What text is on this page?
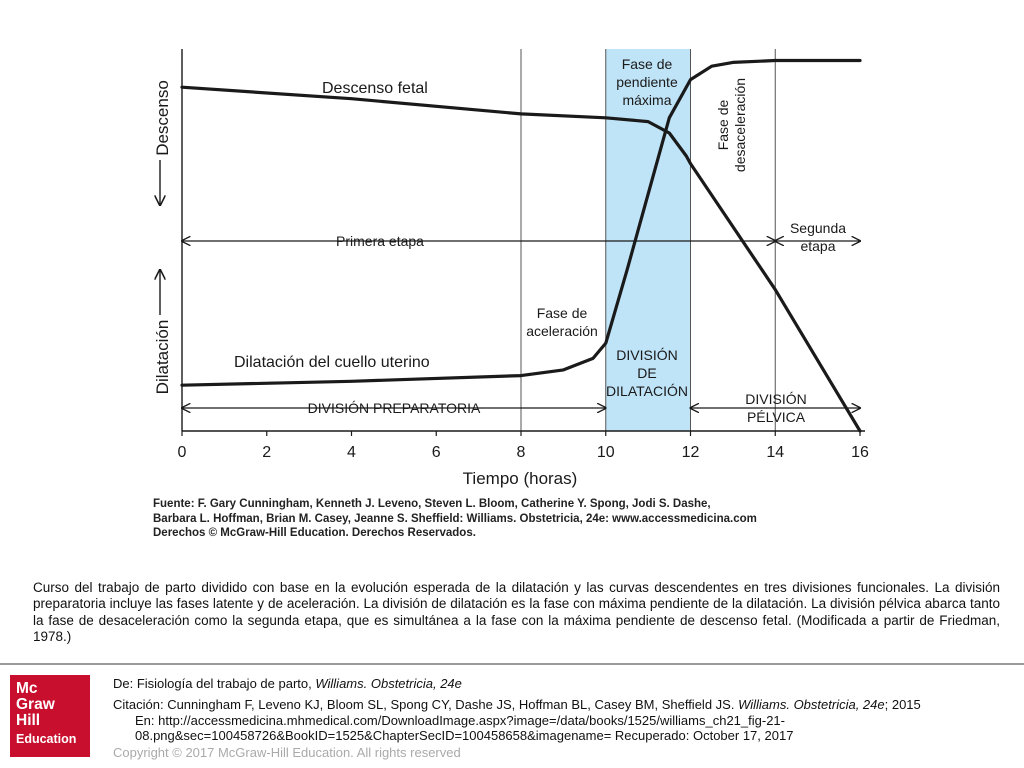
0	2	4	6	8	10	12	14	16
Tiempo (horas)
Descenso
Dilatación
Descenso fetal
Dilatación del cuello uterino
Fase de
pendiente
máxima	Fase de desaceleración
Fase de
aceleración
Primera etapa
Segunda
etapa
DIVISIÓN PREPARATORIA
DIVISIÓN
DE
DILATACIÓN	DIVISIÓN
PÉLVICA
Fuente: F. Gary Cunningham, Kenneth J. Leveno, Steven L. Bloom, Catherine Y. Spong, Jodi S. Dashe,
Barbara L. Hoffman, Brian M. Casey, Jeanne S. Sheffield: Williams. Obstetricia, 24e: www.accessmedicina.com
Derechos © McGraw-Hill Education. Derechos Reservados.
Curso del trabajo de parto dividido con base en la evolución esperada de la dilatación y las curvas descendentes en tres divisiones funcionales. La división preparatoria incluye las fases latente y de aceleración. La división de dilatación es la fase con máxima pendiente de la dilatación. La división pélvica abarca tanto la fase de desaceleración como la segunda etapa, que es simultánea a la fase con la máxima pendiente de descenso fetal. (Modificada a partir de Friedman, 1978.)
Mc
Graw
Hill
Education
De: Fisiología del trabajo de parto, Williams. Obstetricia, 24e
Citación: Cunningham F, Leveno KJ, Bloom SL, Spong CY, Dashe JS, Hoffman BL, Casey BM, Sheffield JS. Williams. Obstetricia, 24e; 2015
En: http://accessmedicina.mhmedical.com/DownloadImage.aspx?image=/data/books/1525/williams_ch21_fig-21-08.png&sec=100458726&BookID=1525&ChapterSecID=100458658&imagename= Recuperado: October 17, 2017
Copyright © 2017 McGraw-Hill Education. All rights reserved
